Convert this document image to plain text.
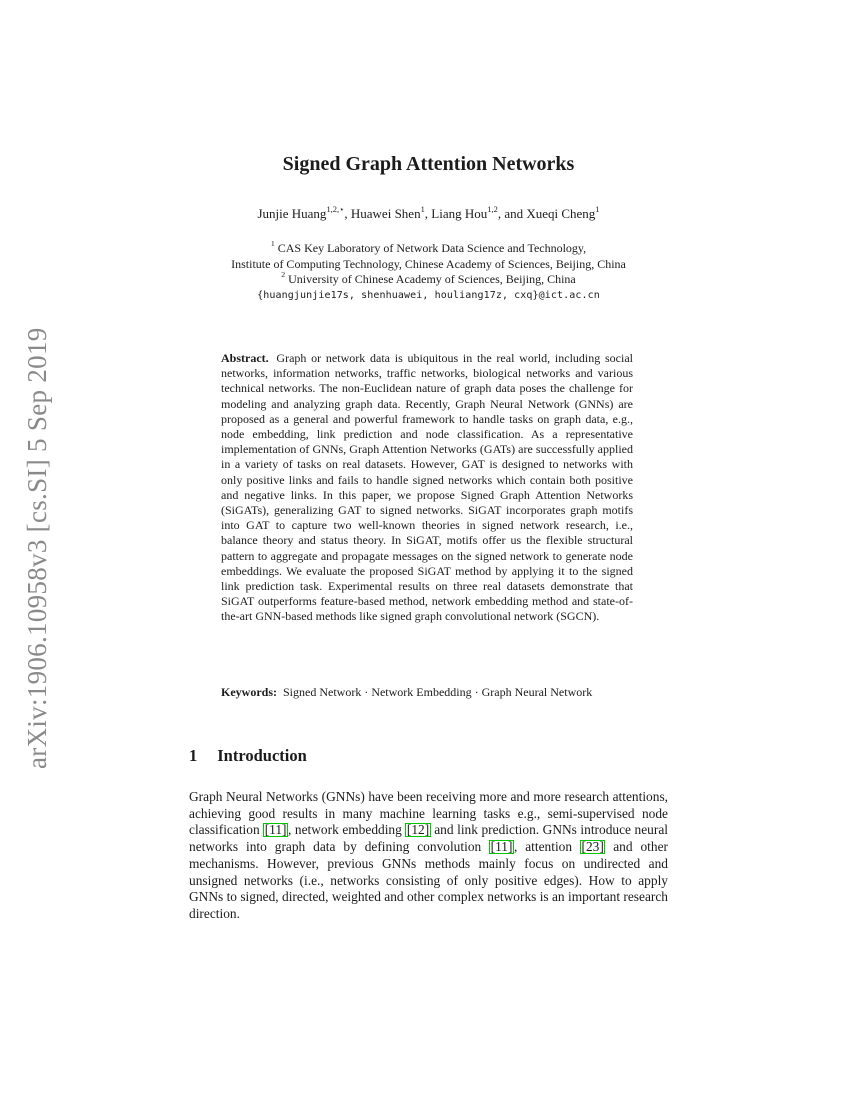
arXiv:1906.10958v3 [cs.SI] 5 Sep 2019
Signed Graph Attention Networks
Junjie Huang$^{1,2,⋆}$, Huawei Shen$^1$, Liang Hou$^{1,2}$, and Xueqi Cheng$^1$
$^1$ CAS Key Laboratory of Network Data Science and Technology,
Institute of Computing Technology, Chinese Academy of Sciences, Beijing, China
$^2$ University of Chinese Academy of Sciences, Beijing, China
{huangjunjie17s, shenhuawei, houliang17z, cxq}@ict.ac.cn
Abstract. Graph or network data is ubiquitous in the real world, including social networks, information networks, traffic networks, biological networks and various technical networks. The non-Euclidean nature of graph data poses the challenge for modeling and analyzing graph data. Recently, Graph Neural Network (GNNs) are proposed as a general and powerful framework to handle tasks on graph data, e.g., node embedding, link prediction and node classification. As a representative implementation of GNNs, Graph Attention Networks (GATs) are successfully applied in a variety of tasks on real datasets. However, GAT is designed to networks with only positive links and fails to handle signed networks which contain both positive and negative links. In this paper, we propose Signed Graph Attention Networks (SiGATs), generalizing GAT to signed networks. SiGAT incorporates graph motifs into GAT to capture two well-known theories in signed network research, i.e., balance theory and status theory. In SiGAT, motifs offer us the flexible structural pattern to aggregate and propagate messages on the signed network to generate node embeddings. We evaluate the proposed SiGAT method by applying it to the signed link prediction task. Experimental results on three real datasets demonstrate that SiGAT outperforms feature-based method, network embedding method and state-of-the-art GNN-based methods like signed graph convolutional network (SGCN).
Keywords: Signed Network · Network Embedding · Graph Neural Network
1 Introduction

Graph Neural Networks (GNNs) have been receiving more and more research attentions, achieving good results in many machine learning tasks e.g., semi-supervised node classification [11] , network embedding [12] and link prediction. GNNs introduce neural networks into graph data by defining convolution [11] , attention [23] and other mechanisms. However, previous GNNs methods mainly focus on undirected and unsigned networks (i.e., networks consisting of only positive edges). How to apply GNNs to signed, directed, weighted and other complex networks is an important research direction.
